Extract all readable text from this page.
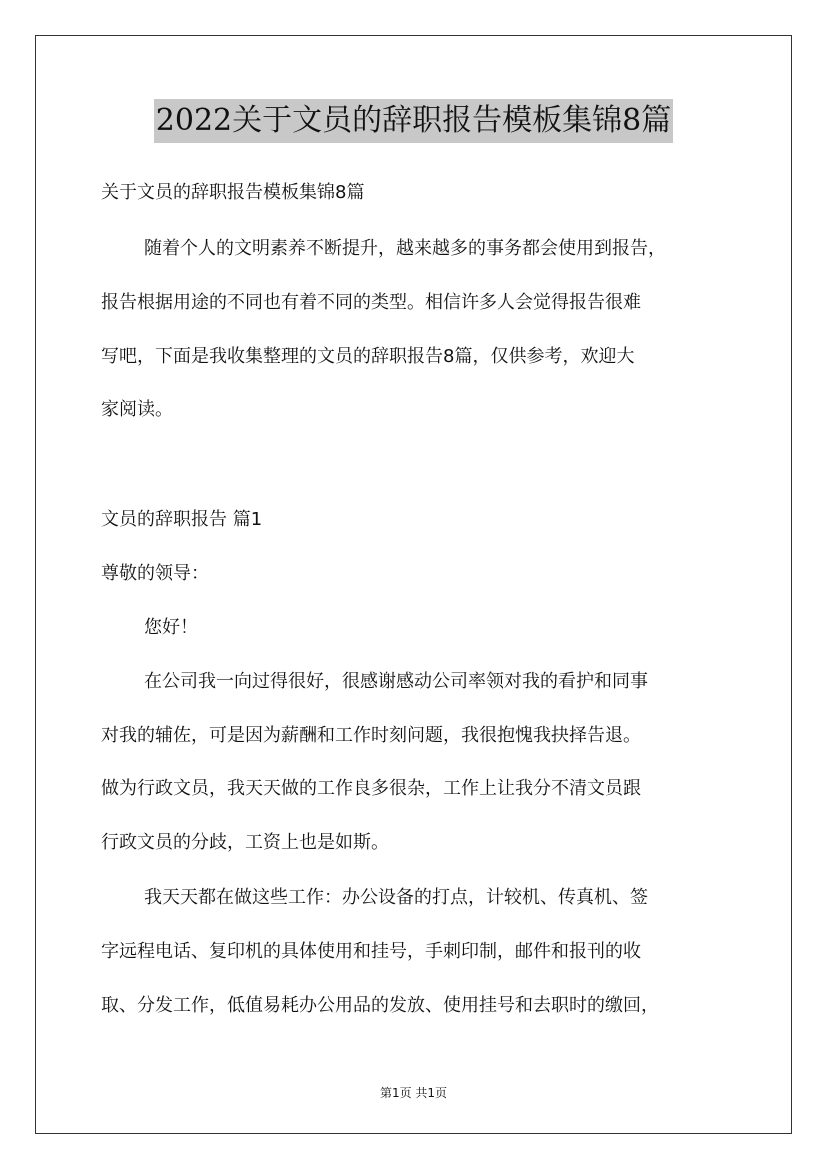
2022关于文员的辞职报告模板集锦8篇
关于文员的辞职报告模板集锦8篇
随着个人的文明素养不断提升，越来越多的事务都会使用到报告，
报告根据用途的不同也有着不同的类型。相信许多人会觉得报告很难
写吧，下面是我收集整理的文员的辞职报告8篇，仅供参考，欢迎大
家阅读。
文员的辞职报告 篇1
尊敬的领导：
您好！
在公司我一向过得很好，很感谢感动公司率领对我的看护和同事
对我的辅佐，可是因为薪酬和工作时刻问题，我很抱愧我抉择告退。
做为行政文员，我天天做的工作良多很杂，工作上让我分不清文员跟
行政文员的分歧，工资上也是如斯。
我天天都在做这些工作：办公设备的打点，计较机、传真机、签
字远程电话、复印机的具体使用和挂号，手刺印制，邮件和报刊的收
取、分发工作，低值易耗办公用品的发放、使用挂号和去职时的缴回，
第1页 共1页
